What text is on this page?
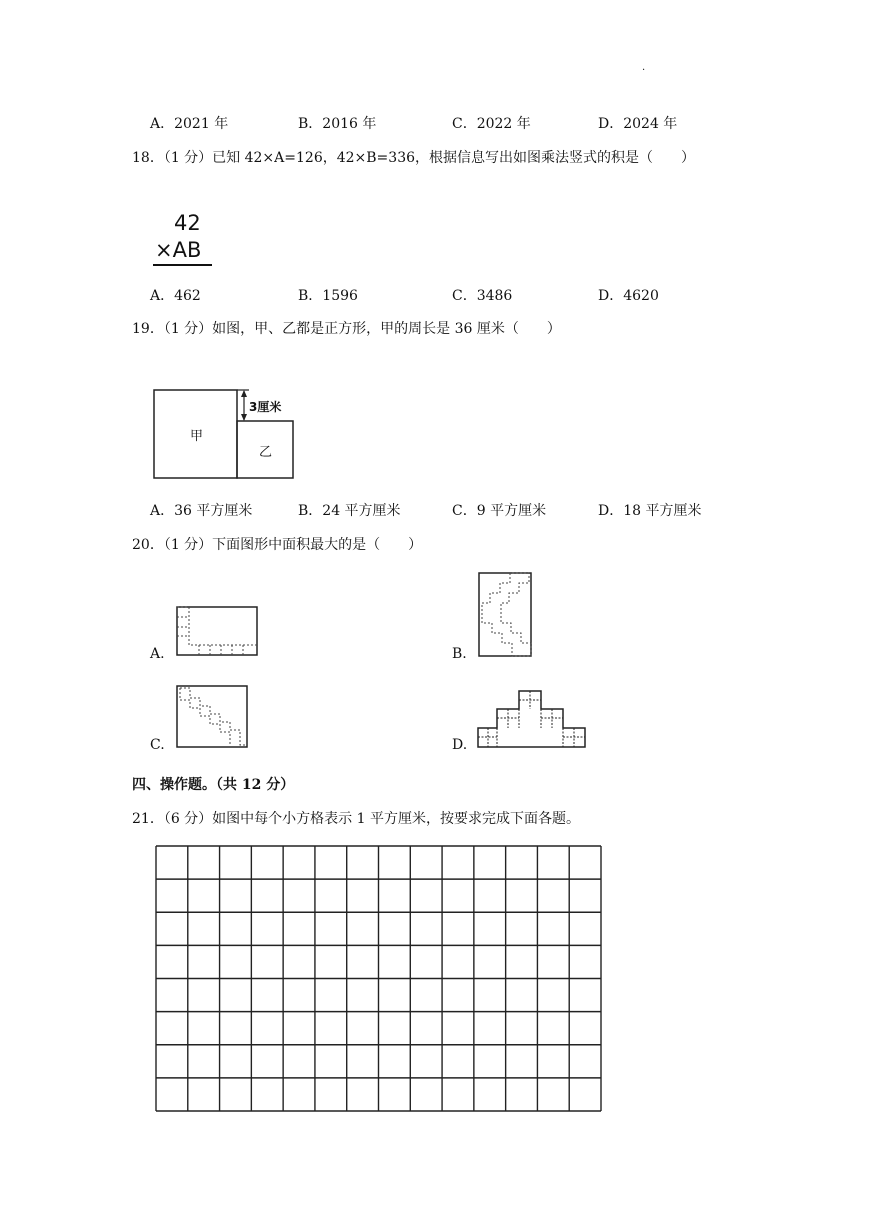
.
A．2021 年	B．2016 年	C．2022 年	D．2024 年
18．（1 分）已知 42×A=126，42×B=336，根据信息写出如图乘法竖式的积是（　　）
42
×AB
A．462	B．1596	C．3486	D．4620
19．（1 分）如图，甲、乙都是正方形，甲的周长是 36 厘米（　　）
3厘米
甲
乙
A．36 平方厘米	B．24 平方厘米	C．9 平方厘米	D．18 平方厘米
20．（1 分）下面图形中面积最大的是（　　）
A.	B.
C.	D.
四、操作题。（共 12 分）
21．（6 分）如图中每个小方格表示 1 平方厘米，按要求完成下面各题。
